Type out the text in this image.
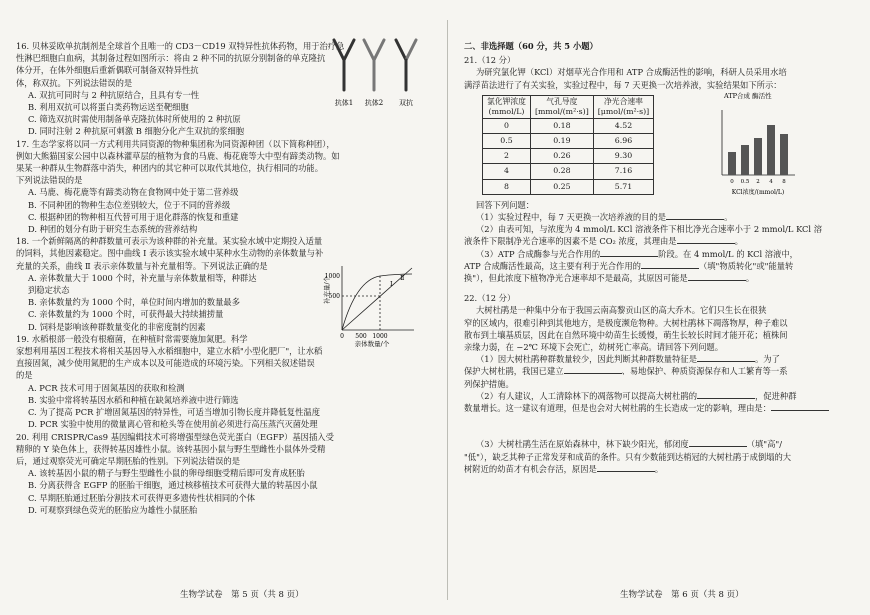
16. 贝林妥欧单抗制剂是全球首个且唯一的 CD3－CD19 双特异性抗体药物，用于治疗急

性淋巴细胞白血病，其制备过程如图所示：将由 2 种不同的抗原分别制备的单克隆抗

体分开，在体外细胞后重新偶联可制备双特异性抗

体，称双抗。下列说法错误的是

A. 双抗可同时与 2 种抗原结合，且具有专一性

B. 利用双抗可以将蛋白类药物运送至靶细胞

C. 筛选双抗时需使用制备单克隆抗体时所使用的 2 种抗原

D. 同时注射 2 种抗原可刺激 B 细胞分化产生双抗的浆细胞

17. 生态学家将以同一方式利用共同资源的物种集团称为同资源种团（以下简称种团），

例如大熊猫国家公园中以森林灌草层的植物为食的马鹿、梅花鹿等大中型有蹄类动物。如

果某一种群从生物群落中消失，种团内的其它种可以取代其地位，执行相同的功能。

下列说法错误的是

A. 马鹿、梅花鹿等有蹄类动物在食物网中处于第二营养级

B. 不同种团的物种生态位差别较大，位于不同的营养级

C. 根据种团的物种相互代替可用于退化群落的恢复和重建

D. 种团的划分有助于研究生态系统的营养结构

18. 一个新鲜隔离的种群数量可表示为该种群的补充量。某实验水域中定期投入适量

的饲料，其他因素稳定。图中曲线 Ⅰ 表示该实验水域中某种水生动物的亲体数量与补

充量的关系，曲线 Ⅱ 表示亲体数量与补充量相等。下列说法正确的是

A. 亲体数量大于 1000 个时，补充量与亲体数量相等，种群达

到稳定状态

B. 亲体数量约为 1000 个时，单位时间内增加的数量最多

C. 亲体数量约为 1000 个时，可获得最大持续捕捞量

D. 饲料是影响该种群数量变化的非密度制约因素

19. 水稻根部一般没有根瘤菌，在种植时常需要施加氮肥。科学

家想利用基因工程技术将相关基因导入水稻细胞中，建立水稻"小型化肥厂"，让水稻

直接固氮，减少使用氮肥的生产成本以及可能造成的环境污染。下列相关叙述错误

的是

A. PCR 技术可用于固氮基因的获取和检测

B. 实验中常将转基因水稻和种植在缺氮培养液中进行筛选

C. 为了提高 PCR 扩增固氮基因的特异性，可适当增加引物长度并降低复性温度

D. PCR 实验中使用的微量离心管和枪头等在使用前必须进行高压蒸汽灭菌处理

20. 利用 CRISPR/Cas9 基因编辑技术可将增强型绿色荧光蛋白（EGFP）基因插入受

精卵的 Y 染色体上，获得转基因雄性小鼠。该转基因小鼠与野生型雌性小鼠体外受精

后，通过观察荧光可确定早期胚胎的性别。下列说法错误的是

A. 该转基因小鼠的精子与野生型雌性小鼠的卵母细胞受精后即可发育成胚胎

B. 分离获得含 EGFP 的胚胎干细胞，通过核移植技术可获得大量的转基因小鼠

C. 早期胚胎通过胚胎分割技术可获得更多遗传性状相同的个体

D. 可观察到绿色荧光的胚胎应为雄性小鼠胚胎

抗体1 抗体2 双抗
补充量/个
亲体数量/个
1000
500
0 500 1000
Ⅰ
Ⅱ
生物学试卷　第 5 页（共 8 页）

二、非选择题（60 分，共 5 小题）

21.（12 分）

为研究氯化钾（KCl）对烟草光合作用和 ATP 合成酶活性的影响，科研人员采用水培

满浮苗法进行了有关实验，实验过程中，每 7 天更换一次培养液，实验结果如下所示：

氯化钾浓度
(mmol/L)	气孔导度
[mmol/(m²·s)]	净光合速率
[μmol/(m²·s)]
0	0.18	4.52
0.5	0.19	6.96
2	0.26	9.30
4	0.28	7.16
8	0.25	5.71

回答下列问题：

（1）实验过程中，每 7 天更换一次培养液的目的是	。

（2）由表可知，与浓度为 4 mmol/L KCl 溶液条件下相比净光合速率小于 2 mmol/L KCl 溶

液条件下限制净光合速率的因素不是 CO₂ 浓度，其理由是	。

（3）ATP 合成酶参与光合作用的	阶段。在 4 mmol/L 的 KCl 溶液中，

ATP 合成酶活性最高，这主要有利于光合作用的	（填"物质转化"或"能量转

换"），但此浓度下植物净光合速率却不是最高，其原因可能是	。

22.（12 分）

大树杜鹃是一种集中分布于我国云南高黎贡山区的高大乔木。它们只生长在很狭

窄的区域内，很难引种到其他地方，是极度濒危物种。大树杜鹃林下凋落物厚，种子难以

散布到土壤基质层，因此在自然环境中幼苗生长缓慢，萌生长较长时间才能开花；植株间

亲缘力弱，在 −2℃ 环境下会死亡，幼树死亡率高。请回答下列问题。

（1）因大树杜鹃种群数量较少，因此判断其种群数量特征是	。为了

保护大树杜鹃，我国已建立	、易地保护、种质资源保存和人工繁育等一系

列保护措施。

（2）有人建议，人工清除林下的凋落物可以提高大树杜鹃的	，促进种群

数量增长。这一建议有道理，但是也会对大树杜鹃的生长造成一定的影响，理由是：

（3）大树杜鹃生活在原始森林中，林下缺少阳光，郁闭度	（填"高"/

"低"），缺乏其种子正常发芽和成苗的条件。只有少数能到达梢冠的大树杜鹃于成倒塌的大

树附近的幼苗才有机会存活，原因是	。

ATP合成 酶活性
0 0.5 2 4 8
KCl浓度/(mmol/L)
生物学试卷　第 6 页（共 8 页）
